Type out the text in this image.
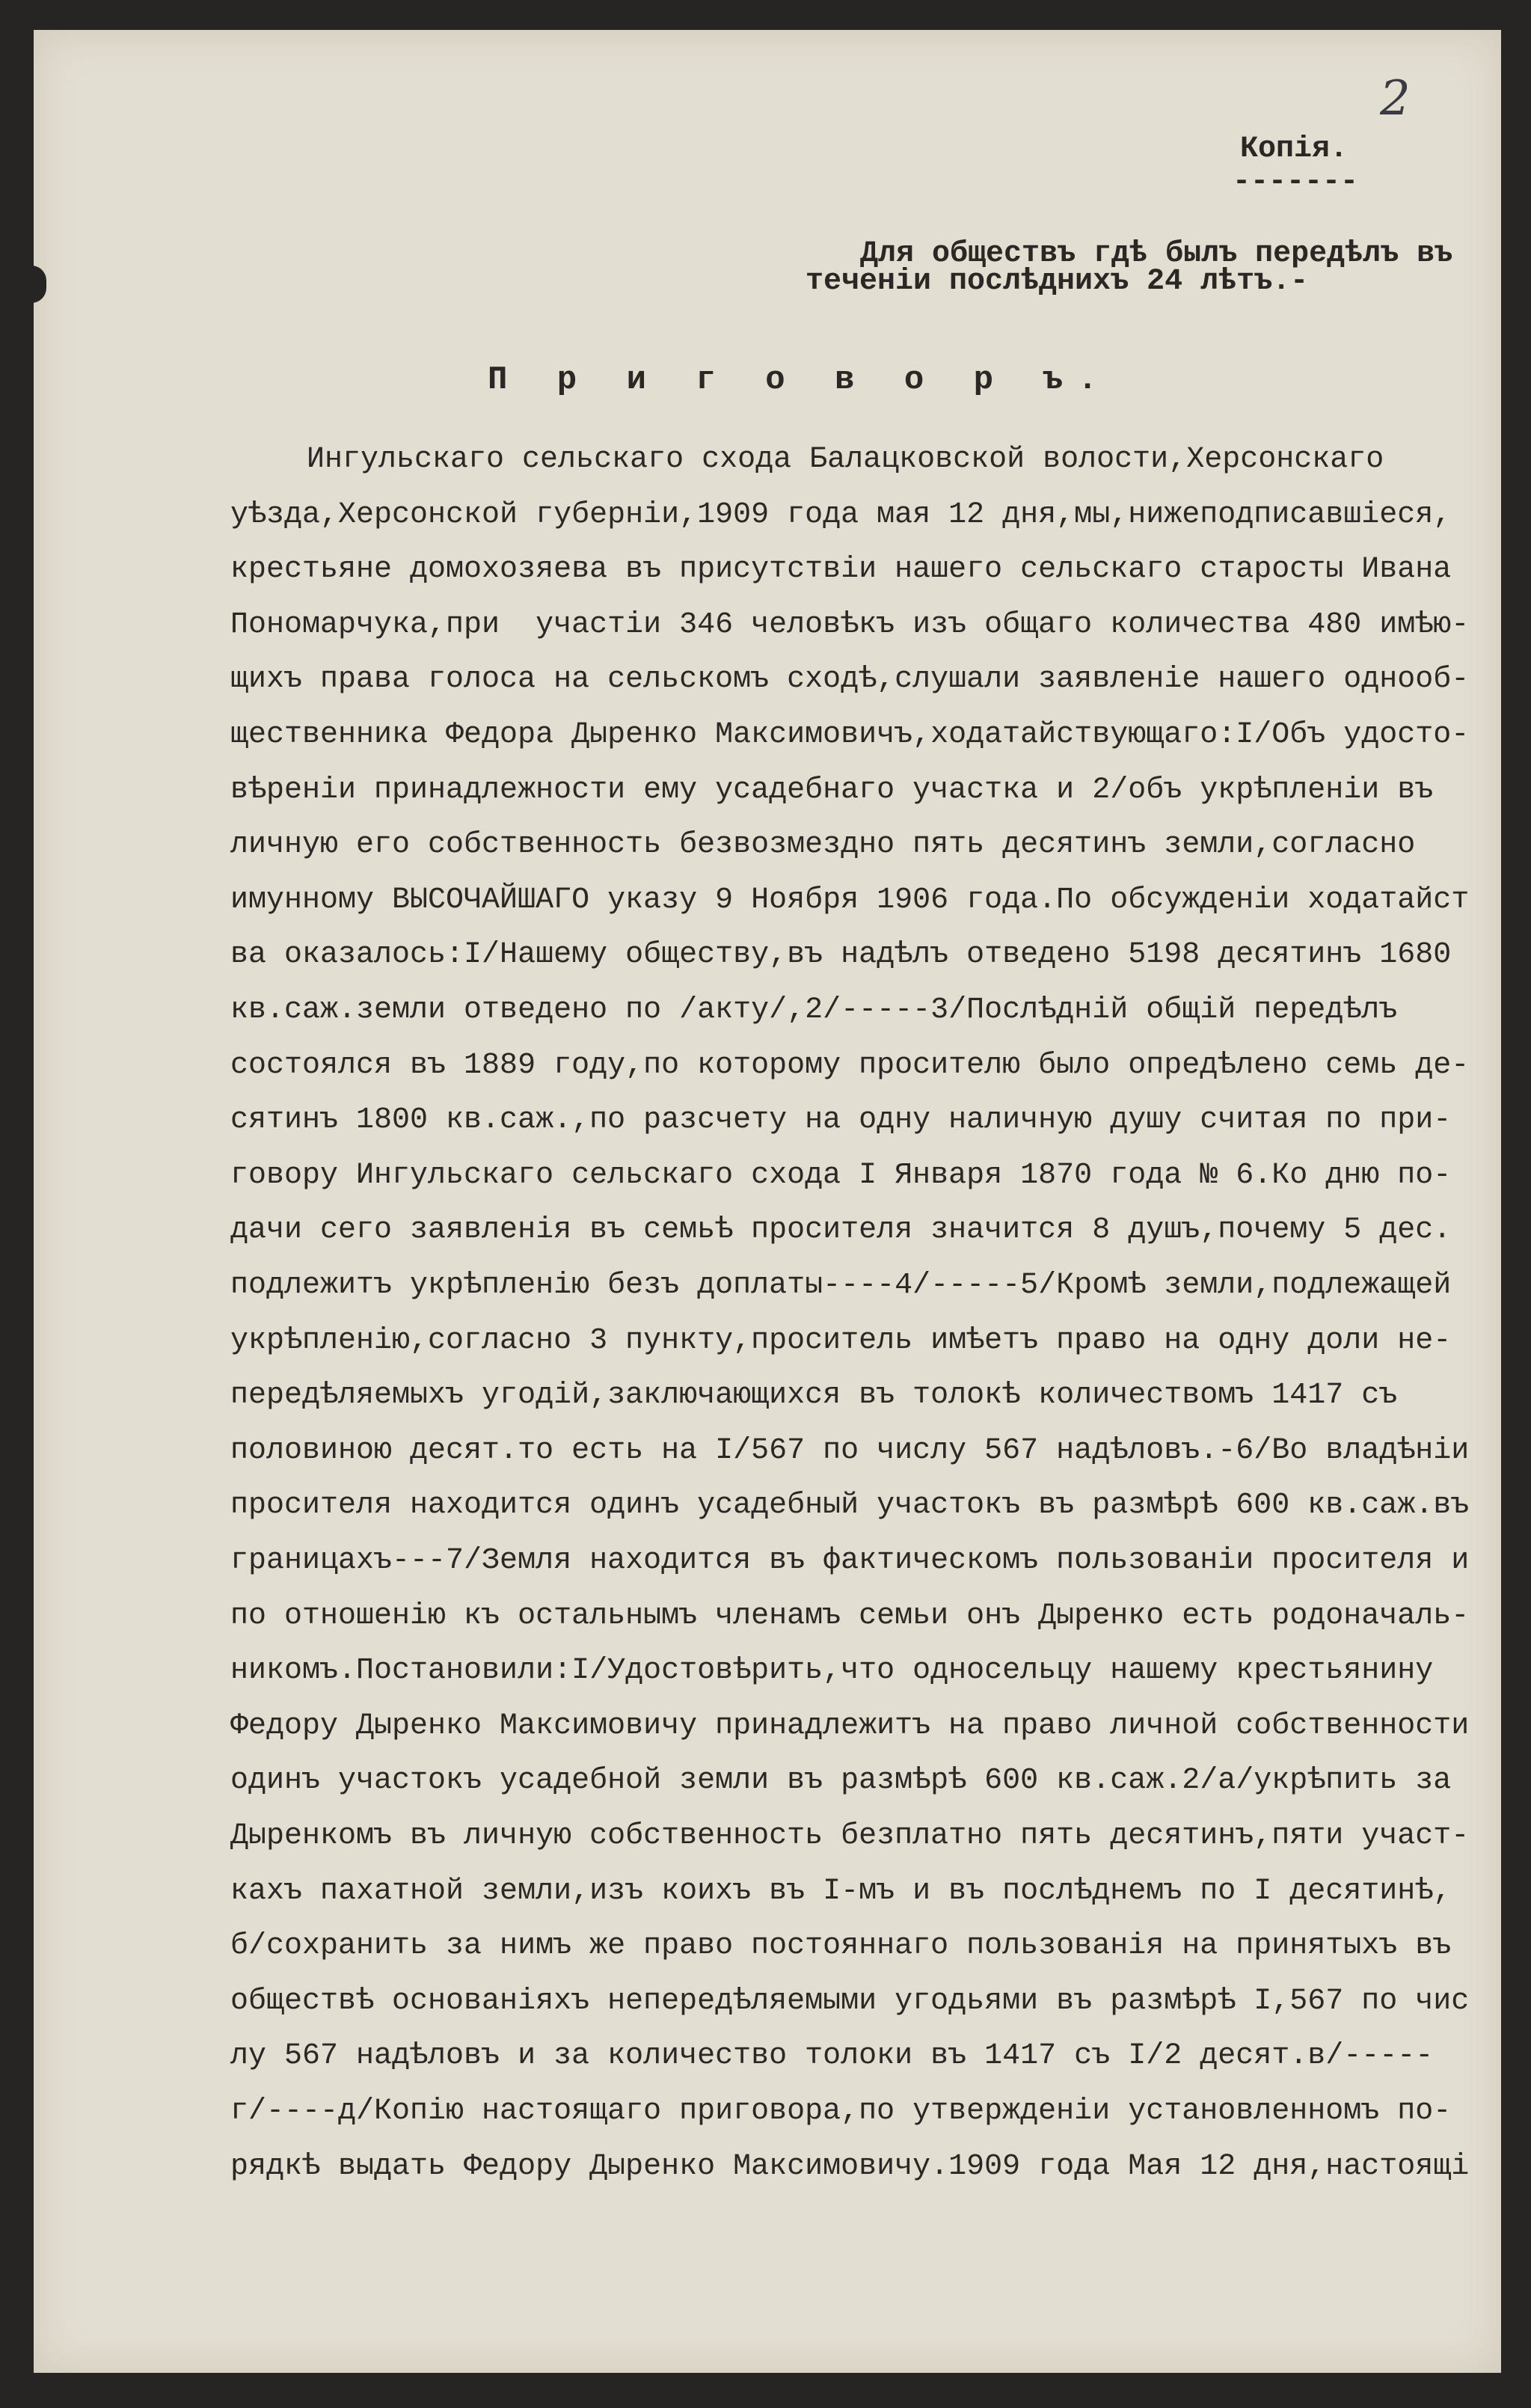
2
Копiя.
-------
Для обществъ гдѣ былъ передѣлъ въ
теченiи послѣднихъ 24 лѣтъ.-
П р и г о в о р ъ.
Ингульскаго сельскаго схода Балацковской волости,Херсонскаго
уѣзда,Херсонской губернiи,1909 года мая 12 дня,мы,нижеподписавшiеся,
крестьяне домохозяева въ присутствiи нашего сельскаго старосты Ивана
Пономарчука,при  участiи 346 человѣкъ изъ общаго количества 480 имѣю-
щихъ права голоса на сельскомъ сходѣ,слушали заявленiе нашего однооб-
щественника Федора Дыренко Максимовичъ,ходатайствующаго:I/Объ удосто-
вѣренiи принадлежности ему усадебнаго участка и 2/объ укрѣпленiи въ
личную его собственность безвозмездно пять десятинъ земли,согласно
имунному ВЫСОЧАЙШАГО указу 9 Ноября 1906 года.По обсужденiи ходатайст
ва оказалось:I/Нашему обществу,въ надѣлъ отведено 5198 десятинъ 1680
кв.саж.земли отведено по /акту/,2/-----3/Послѣднiй общiй передѣлъ
состоялся въ 1889 году,по которому просителю было опредѣлено семь де-
сятинъ 1800 кв.саж.,по разсчету на одну наличную душу считая по при-
говору Ингульскаго сельскаго схода I Января 1870 года № 6.Ко дню по-
дачи сего заявленiя въ семьѣ просителя значится 8 душъ,почему 5 дес.
подлежитъ укрѣпленiю безъ доплаты----4/-----5/Кромѣ земли,подлежащей
укрѣпленiю,согласно 3 пункту,проситель имѣетъ право на одну доли не-
передѣляемыхъ угодiй,заключающихся въ толокѣ количествомъ 1417 съ
половиною десят.то есть на I/567 по числу 567 надѣловъ.-6/Во владѣнiи
просителя находится одинъ усадебный участокъ въ размѣрѣ 600 кв.саж.въ
границахъ---7/Земля находится въ фактическомъ пользованiи просителя и
по отношенiю къ остальнымъ членамъ семьи онъ Дыренко есть родоначаль-
никомъ.Постановили:I/Удостовѣрить,что односельцу нашему крестьянину
Федору Дыренко Максимовичу принадлежитъ на право личной собственности
одинъ участокъ усадебной земли въ размѣрѣ 600 кв.саж.2/а/укрѣпить за
Дыренкомъ въ личную собственность безплатно пять десятинъ,пяти участ-
кахъ пахатной земли,изъ коихъ въ I-мъ и въ послѣднемъ по I десятинѣ,
б/сохранить за нимъ же право постояннаго пользованiя на принятыхъ въ
обществѣ основанiяхъ непередѣляемыми угодьями въ размѣрѣ I,567 по чис
лу 567 надѣловъ и за количество толоки въ 1417 съ I/2 десят.в/-----
г/----д/Копiю настоящаго приговора,по утвержденiи установленномъ по-
рядкѣ выдать Федору Дыренко Максимовичу.1909 года Мая 12 дня,настоящi
